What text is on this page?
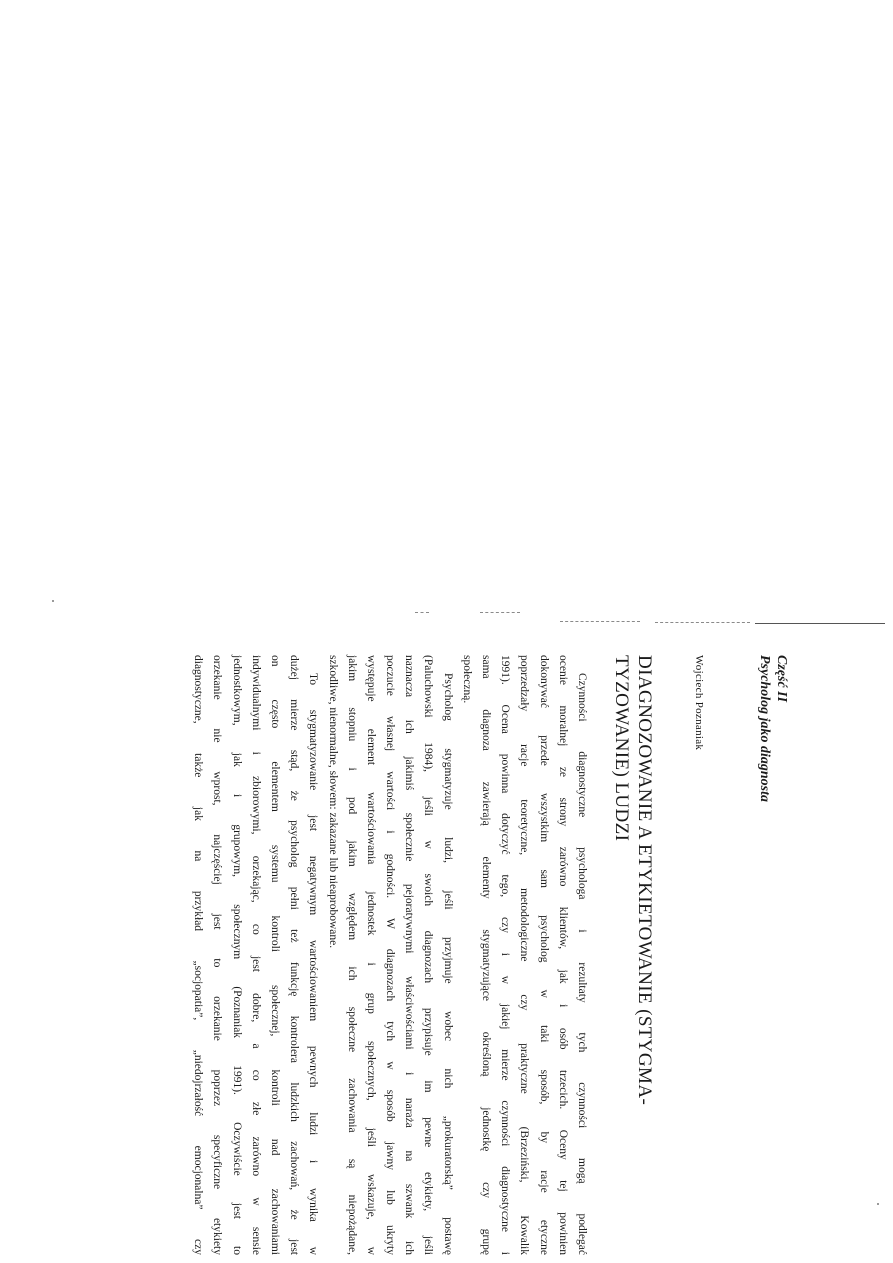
Część II
Psycholog jako diagnosta
Wojciech Poznaniak
DIAGNOZOWANIE A ETYKIETOWANIE (STYGMA-
TYZOWANIE) LUDZI
Czynności diagnostyczne psychologa i rezultaty tych czynności mogą podlegać
ocenie moralnej ze strony zarówno klientów, jak i osób trzecich. Oceny tej powinien
dokonywać przede wszystkim sam psycholog w taki sposób, by racje etyczne
poprzedzały racje teoretyczne, metodologiczne czy praktyczne (Brzeziński, Kowalik
1991). Ocena powinna dotyczyć tego, czy i w jakiej mierze czynności diagnostyczne i
sama diagnoza zawierają elementy stygmatyzujące określoną jednostkę czy grupę
społeczną.
Psycholog stygmatyzuje ludzi, jeśli przyjmuje wobec nich „prokuratorską” postawę
(Paluchowski 1984), jeśli w swoich diagnozach przypisuje im pewne etykiety, jeśli
naznacza ich jakimiś społecznie pejoratywnymi właściwościami i naraża na szwank ich
poczucie własnej wartości i godności. W diagnozach tych w sposób jawny lub ukryty
występuje element wartościowania jednostek i grup społecznych, jeśli wskazuje, w
jakim stopniu i pod jakim względem ich społeczne zachowania są niepożądane,
szkodliwe, nienormalne, słowem: zakazane lub nieaprobowane.
To stygmatyzowanie jest negatywnym wartościowaniem pewnych ludzi i wynika w
dużej mierze stąd, że psycholog pełni też funkcję kontrolera ludzkich zachowań, że jest
on często elementem systemu kontroli społecznej, kontroli nad zachowaniami
indywidualnymi i zbiorowymi, orzekając, co jest dobre, a co złe zarówno w sensie
jednostkowym, jak i grupowym, społecznym (Poznaniak 1991). Oczywiście jest to
orzekanie nie wprost, najczęściej jest to orzekanie poprzez specyficzne etykiety
diagnostyczne, także jak na przykład „socjopatia”, „niedojrzałość emocjonalna” czy
